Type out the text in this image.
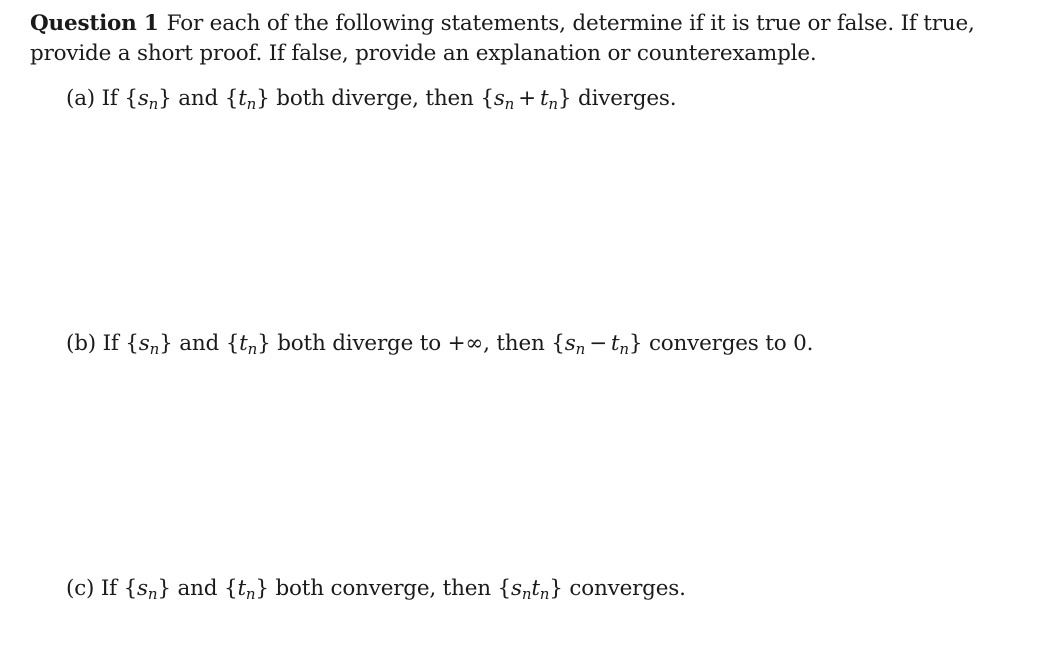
Question 1 For each of the following statements, determine if it is true or false. If true, provide a short proof. If false, provide an explanation or counterexample.
(a) If $\{s_n\}$ and $\{t_n\}$ both diverge, then $\{s_n + t_n\}$ diverges.
(b) If $\{s_n\}$ and $\{t_n\}$ both diverge to +∞, then $\{s_n - t_n\}$ converges to 0.
(c) If $\{s_n\}$ and $\{t_n\}$ both converge, then $\{s_nt_n\}$ converges.
